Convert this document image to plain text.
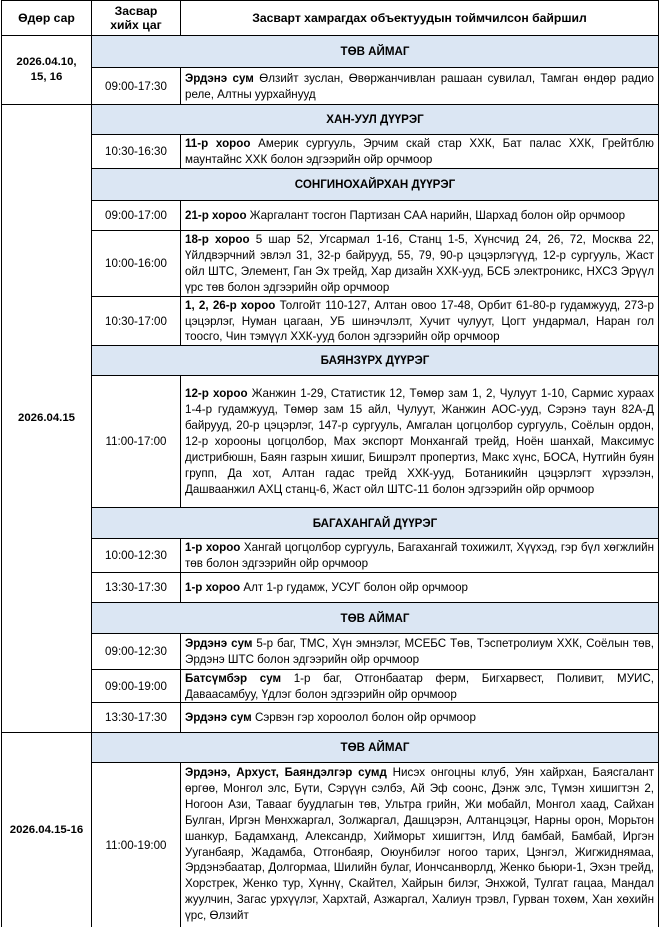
Өдөр сар	Засвар хийх цаг	Засварт хамрагдах объектуудын тоймчилсон байршил
2026.04.10, 15, 16
ТӨВ АЙМАГ
09:00-17:30
Эрдэнэ сум Өлзийт зуслан, Өвөржанчивлан рашаан сувилал, Тамган өндөр радио реле, Алтны уурхайнууд
2026.04.15
ХАН-УУЛ ДҮҮРЭГ
10:30-16:30
11-р хороо Америк сургууль, Эрчим скай стар ХХК, Бат палас ХХК, Грейтблю маунтайнс ХХК болон эдгээрийн ойр орчмоор
СОНГИНОХАЙРХАН ДҮҮРЭГ
09:00-17:00 21-р хороо Жаргалант тосгон Партизан СAA нарийн, Шархад болон ойр орчмоор
10:00-16:00
18-р хороо 5 шар 52, Угсармал 1-16, Станц 1-5, Хүнсчид 24, 26, 72, Москва 22, Үйлдвэрчний эвлэл 31, 32-р байрууд, 55, 79, 90-р цэцэрлэгүүд, 12-р сургууль, Жаст ойл ШТС, Элемент, Ган Эх трейд, Хар дизайн ХХК-ууд, БСБ электроникс, НХСЗ Эрүүл үрс төв болон эдгээрийн ойр орчмоор
10:30-17:00
1, 2, 26-р хороо Толгойт 110-127, Алтан овоо 17-48, Орбит 61-80-р гудамжууд, 273-р цэцэрлэг, Нуман цагаан, УБ шинэчлэлт, Хучит чулуут, Цогт ундармал, Наран гол тоосго, Чин тэмүүл ХХК-ууд болон эдгээрийн ойр орчмоор
БАЯНЗҮРХ ДҮҮРЭГ
11:00-17:00
12-р хороо Жанжин 1-29, Статистик 12, Төмөр зам 1, 2, Чулуут 1-10, Сармис хураах 1-4-р гудамжууд, Төмөр зам 15 айл, Чулуут, Жанжин АОС-ууд, Сэрэнэ таун 82А-Д байрууд, 20-р цэцэрлэг, 147-р сургууль, Амгалан цогцолбор сургууль, Соёлын ордон, 12-р хорооны цогцолбор, Мах экспорт Монхангай трейд, Ноён шанхай, Максимус дистрибюшн, Баян газрын хишиг, Бишрэлт пропертиз, Макс хүнс, БОСА, Нутгийн буян групп, Да хот, Алтан гадас трейд ХХК-ууд, Ботаникийн цэцэрлэгт хүрээлэн, Дашваанжил АХЦ станц-6, Жаст ойл ШТС-11 болон эдгээрийн ойр орчмоор
БАГАХАНГАЙ ДҮҮРЭГ
10:00-12:30
1-р хороо Хангай цогцолбор сургууль, Багахангай тохижилт, Хүүхэд, гэр бүл хөгжлийн төв болон эдгээрийн ойр орчмоор
13:30-17:30 1-р хороо Алт 1-р гудамж, УСУГ болон ойр орчмоор
ТӨВ АЙМАГ
09:00-12:30
Эрдэнэ сум 5-р баг, ТМС, Хүн эмнэлэг, МСЕБС Төв, Тэспетролиум ХХК, Соёлын төв, Эрдэнэ ШТС болон эдгээрийн ойр орчмоор
09:00-19:00
Батсүмбэр сум 1-р баг, Отгонбаатар ферм, Бигхарвест, Поливит, МУИС, Даваасамбуу, Үдлэг болон эдгээрийн ойр орчмоор
13:30-17:30 Эрдэнэ сум Сэрвэн гэр хороолол болон ойр орчмоор
2026.04.15-16
ТӨВ АЙМАГ
11:00-19:00
Эрдэнэ, Архуст, Баяндэлгэр сумд Нисэх онгоцны клуб, Уян хайрхан, Баясгалант өргөө, Монгол элс, Бүти, Сэрүүн сэлбэ, Ай Эф соонс, Дэнж элс, Түмэн хишигтэн 2, Ногоон Ази, Тавааг буудлагын төв, Ультра грийн, Жи мобайл, Монгол хаад, Сайхан Булган, Иргэн Мөнхжаргал, Золжаргал, Дашцэрэн, Алтанцэцэг, Нарны орон, Морьтон шанкур, Бадамханд, Александр, Хиймoрьт хишигтэн, Илд бамбай, Бамбай, Иргэн Ууганбаяр, Жадамба, Отгонбаяр, Оюунбилэг ногоо тарих, Цэнгэл, Жигжиднямаа, Эрдэнэбаатар, Долгормаа, Шилийн булаг, Иончсанворлд, Женко бьюри-1, Эхэн трейд, Хорстрек, Женко тур, Хүннү, Скайтел, Хайрын билэг, Энхжой, Тулгат гацаа, Мандал жуулчин, Загас урхүүлэг, Хархтай, Азжаргал, Халиун трэвл, Гурван тохөм, Хан хөхийн үрс, Өлзийт
